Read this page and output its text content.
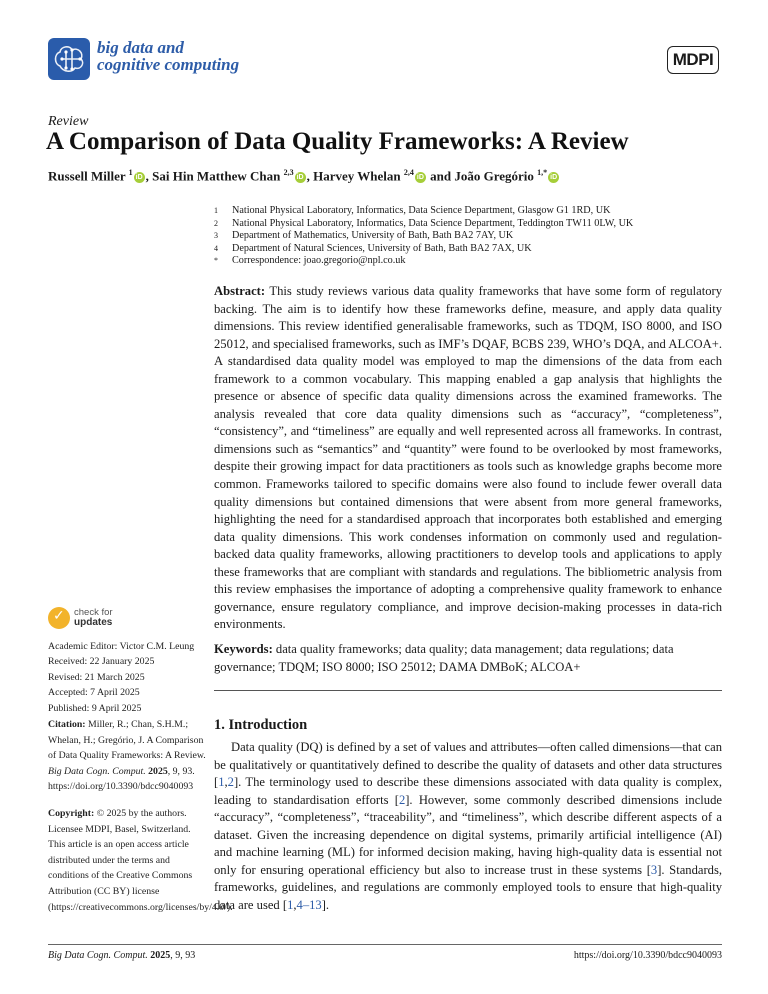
big data and
cognitive computing	MDPI
Review
A Comparison of Data Quality Frameworks: A Review
Russell Miller $^1$iD , Sai Hin Matthew Chan $^{2,3}$iD , Harvey Whelan $^{2,4}$iD and João Gregório $^{1,*}$iD
1	National Physical Laboratory, Informatics, Data Science Department, Glasgow G1 1RD, UK
2	National Physical Laboratory, Informatics, Data Science Department, Teddington TW11 0LW, UK
3	Department of Mathematics, University of Bath, Bath BA2 7AY, UK
4	Department of Natural Sciences, University of Bath, Bath BA2 7AX, UK
*	Correspondence: joao.gregorio@npl.co.uk
Abstract: This study reviews various data quality frameworks that have some form of regulatory backing. The aim is to identify how these frameworks define, measure, and apply data quality dimensions. This review identified generalisable frameworks, such as TDQM, ISO 8000, and ISO 25012, and specialised frameworks, such as IMF’s DQAF, BCBS 239, WHO’s DQA, and ALCOA+. A standardised data quality model was employed to map the dimensions of the data from each framework to a common vocabulary. This mapping enabled a gap analysis that highlights the presence or absence of specific data quality dimensions across the examined frameworks. The analysis revealed that core data quality dimensions such as “accuracy”, “completeness”, “consistency”, and “timeliness” are equally and well represented across all frameworks. In contrast, dimensions such as “semantics” and “quantity” were found to be overlooked by most frameworks, despite their growing impact for data practitioners as tools such as knowledge graphs become more common. Frameworks tailored to specific domains were also found to include fewer overall data quality dimensions but contained dimensions that were absent from more general frameworks, highlighting the need for a standardised approach that incorporates both established and emerging data quality dimensions. This work condenses information on commonly used and regulation-backed data quality frameworks, allowing practitioners to develop tools and applications to apply these frameworks that are compliant with standards and regulations. The bibliometric analysis from this review emphasises the importance of adopting a comprehensive quality framework to enhance governance, ensure regulatory compliance, and improve decision-making processes in data-rich environments.
Keywords: data quality frameworks; data quality; data management; data regulations; data governance; TDQM; ISO 8000; ISO 25012; DAMA DMBoK; ALCOA+
1. Introduction

Data quality (DQ) is defined by a set of values and attributes—often called dimensions—that can be qualitatively or quantitatively defined to describe the quality of datasets and other data structures [1,2]. The terminology used to describe these dimensions associated with data quality is complex, leading to standardisation efforts [2]. However, some commonly described dimensions include “accuracy”, “completeness”, “traceability”, and “timeliness”, which describe different aspects of a dataset. Given the increasing dependence on digital systems, primarily artificial intelligence (AI) and machine learning (ML) for informed decision making, having high-quality data is essential not only for ensuring operational efficiency but also to increase trust in these systems [3]. Standards, frameworks, guidelines, and regulations are commonly employed tools to ensure that high-quality data are used [1,4–13].

✓
check for
updates
Academic Editor: Victor C.M. Leung
Received: 22 January 2025
Revised: 21 March 2025
Accepted: 7 April 2025
Published: 9 April 2025
Citation: Miller, R.; Chan, S.H.M.; Whelan, H.; Gregório, J. A Comparison of Data Quality Frameworks: A Review. Big Data Cogn. Comput. 2025, 9, 93. https://doi.org/10.3390/bdcc9040093
Copyright: © 2025 by the authors. Licensee MDPI, Basel, Switzerland. This article is an open access article distributed under the terms and conditions of the Creative Commons Attribution (CC BY) license (https://creativecommons.org/licenses/by/4.0/).
Big Data Cogn. Comput. 2025, 9, 93	https://doi.org/10.3390/bdcc9040093
